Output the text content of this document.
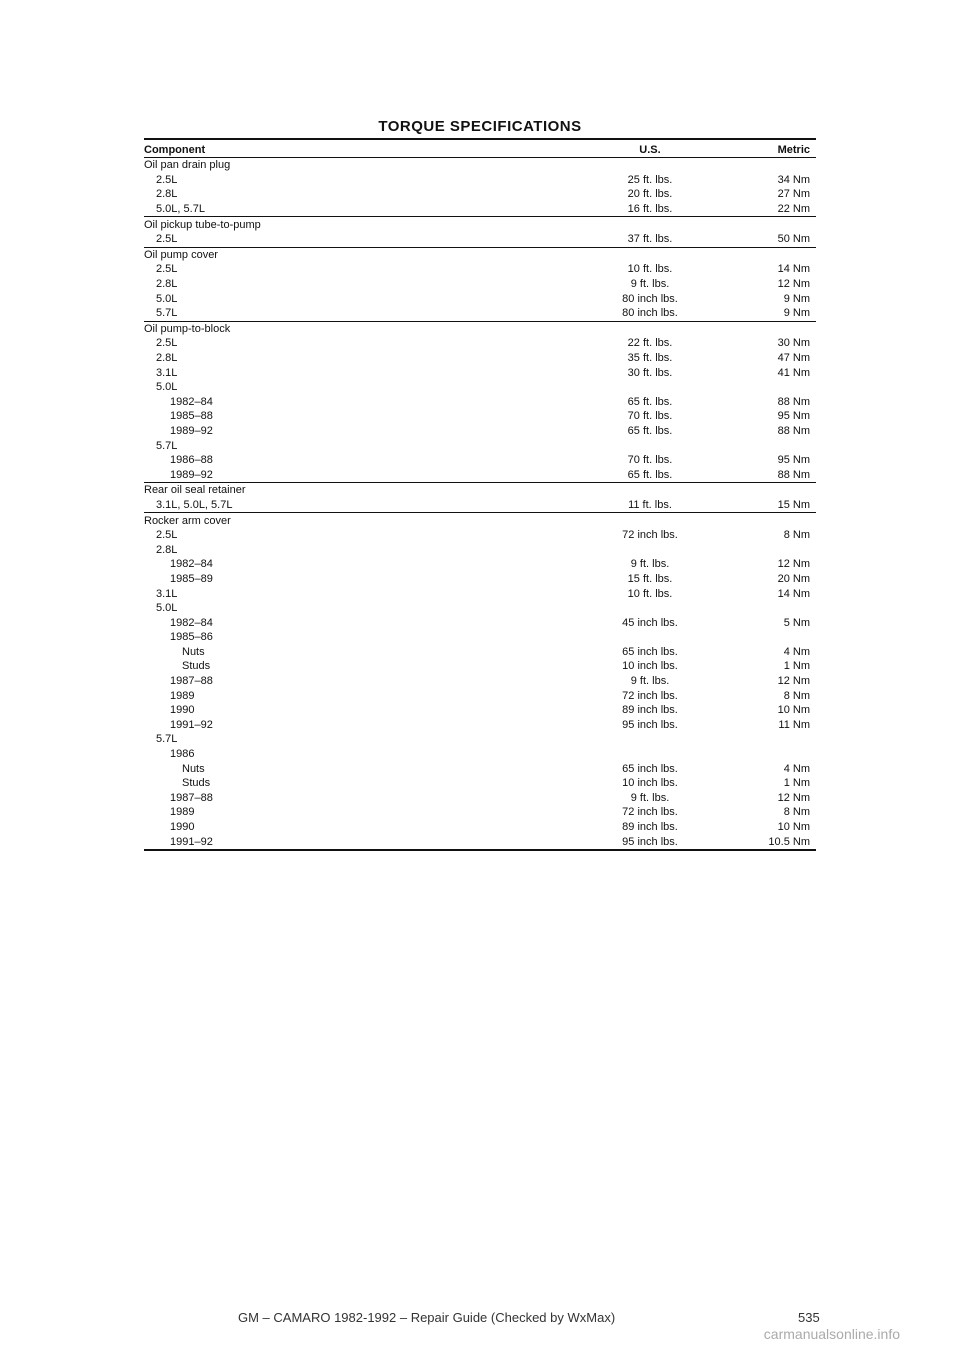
TORQUE SPECIFICATIONS
Component	U.S.	Metric
Oil pan drain plug
2.5L	25 ft. lbs.	34 Nm
2.8L	20 ft. lbs.	27 Nm
5.0L, 5.7L	16 ft. lbs.	22 Nm
Oil pickup tube-to-pump
2.5L	37 ft. lbs.	50 Nm
Oil pump cover
2.5L	10 ft. lbs.	14 Nm
2.8L	9 ft. lbs.	12 Nm
5.0L	80 inch lbs.	9 Nm
5.7L	80 inch lbs.	9 Nm
Oil pump-to-block
2.5L	22 ft. lbs.	30 Nm
2.8L	35 ft. lbs.	47 Nm
3.1L	30 ft. lbs.	41 Nm
5.0L
1982–84	65 ft. lbs.	88 Nm
1985–88	70 ft. lbs.	95 Nm
1989–92	65 ft. lbs.	88 Nm
5.7L
1986–88	70 ft. lbs.	95 Nm
1989–92	65 ft. lbs.	88 Nm
Rear oil seal retainer
3.1L, 5.0L, 5.7L	11 ft. lbs.	15 Nm
Rocker arm cover
2.5L	72 inch lbs.	8 Nm
2.8L
1982–84	9 ft. lbs.	12 Nm
1985–89	15 ft. lbs.	20 Nm
3.1L	10 ft. lbs.	14 Nm
5.0L
1982–84	45 inch lbs.	5 Nm
1985–86
Nuts	65 inch lbs.	4 Nm
Studs	10 inch lbs.	1 Nm
1987–88	9 ft. lbs.	12 Nm
1989	72 inch lbs.	8 Nm
1990	89 inch lbs.	10 Nm
1991–92	95 inch lbs.	11 Nm
5.7L
1986
Nuts	65 inch lbs.	4 Nm
Studs	10 inch lbs.	1 Nm
1987–88	9 ft. lbs.	12 Nm
1989	72 inch lbs.	8 Nm
1990	89 inch lbs.	10 Nm
1991–92	95 inch lbs.	10.5 Nm
GM – CAMARO 1982-1992 – Repair Guide (Checked by WxMax)	535
carmanualsonline.info
